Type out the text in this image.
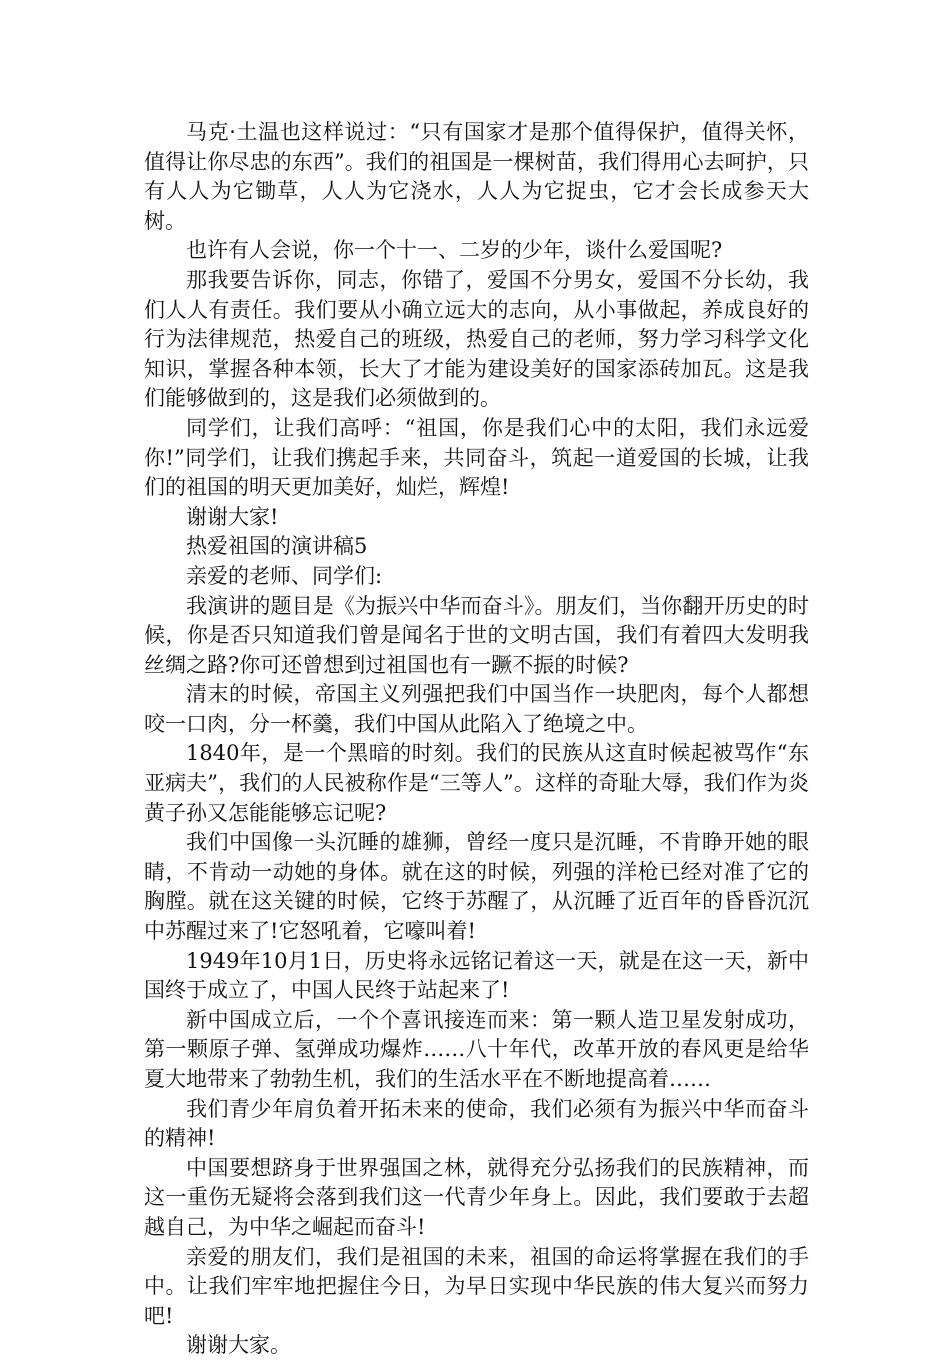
马克·土温也这样说过：“只有国家才是那个值得保护，值得关怀，值得让你尽忠的东西”。我们的祖国是一棵树苗，我们得用心去呵护，只有人人为它锄草，人人为它浇水，人人为它捉虫，它才会长成参天大树。

也许有人会说，你一个十一、二岁的少年，谈什么爱国呢?

那我要告诉你，同志，你错了，爱国不分男女，爱国不分长幼，我们人人有责任。我们要从小确立远大的志向，从小事做起，养成良好的行为法律规范，热爱自己的班级，热爱自己的老师，努力学习科学文化知识，掌握各种本领，长大了才能为建设美好的国家添砖加瓦。这是我们能够做到的，这是我们必须做到的。

同学们，让我们高呼：“祖国，你是我们心中的太阳，我们永远爱你!”同学们，让我们携起手来，共同奋斗，筑起一道爱国的长城，让我们的祖国的明天更加美好，灿烂，辉煌!

谢谢大家!

热爱祖国的演讲稿5

亲爱的老师、同学们:

我演讲的题目是《为振兴中华而奋斗》。朋友们，当你翻开历史的时候，你是否只知道我们曾是闻名于世的文明古国，我们有着四大发明我丝绸之路?你可还曾想到过祖国也有一蹶不振的时候?

清末的时候，帝国主义列强把我们中国当作一块肥肉，每个人都想咬一口肉，分一杯羹，我们中国从此陷入了绝境之中。

1840年，是一个黑暗的时刻。我们的民族从这直时候起被骂作“东亚病夫”，我们的人民被称作是“三等人”。这样的奇耻大辱，我们作为炎黄子孙又怎能能够忘记呢?

我们中国像一头沉睡的雄狮，曾经一度只是沉睡，不肯睁开她的眼睛，不肯动一动她的身体。就在这的时候，列强的洋枪已经对准了它的胸膛。就在这关键的时候，它终于苏醒了，从沉睡了近百年的昏昏沉沉中苏醒过来了!它怒吼着，它嚎叫着!

1949年10月1日，历史将永远铭记着这一天，就是在这一天，新中国终于成立了，中国人民终于站起来了!

新中国成立后，一个个喜讯接连而来：第一颗人造卫星发射成功，第一颗原子弹、氢弹成功爆炸……八十年代，改革开放的春风更是给华夏大地带来了勃勃生机，我们的生活水平在不断地提高着……

我们青少年肩负着开拓未来的使命，我们必须有为振兴中华而奋斗的精神!

中国要想跻身于世界强国之林，就得充分弘扬我们的民族精神，而这一重伤无疑将会落到我们这一代青少年身上。因此，我们要敢于去超越自己，为中华之崛起而奋斗!

亲爱的朋友们，我们是祖国的未来，祖国的命运将掌握在我们的手中。让我们牢牢地把握住今日，为早日实现中华民族的伟大复兴而努力吧!

谢谢大家。
